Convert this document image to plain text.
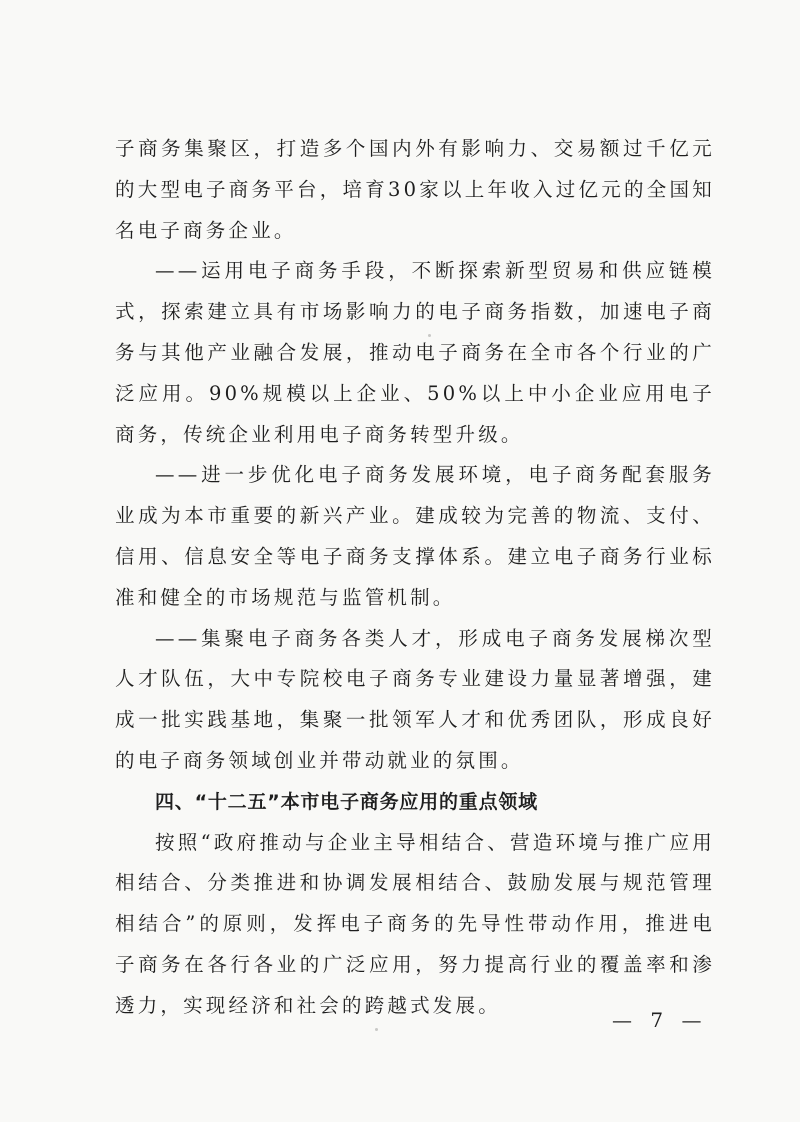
子商务集聚区，打造多个国内外有影响力、交易额过千亿元的大型电子商务平台，培育30家以上年收入过亿元的全国知名电子商务企业。

——运用电子商务手段，不断探索新型贸易和供应链模式，探索建立具有市场影响力的电子商务指数，加速电子商务与其他产业融合发展，推动电子商务在全市各个行业的广泛应用。90%规模以上企业、50%以上中小企业应用电子商务，传统企业利用电子商务转型升级。

——进一步优化电子商务发展环境，电子商务配套服务业成为本市重要的新兴产业。建成较为完善的物流、支付、信用、信息安全等电子商务支撑体系。建立电子商务行业标准和健全的市场规范与监管机制。

——集聚电子商务各类人才，形成电子商务发展梯次型人才队伍，大中专院校电子商务专业建设力量显著增强，建成一批实践基地，集聚一批领军人才和优秀团队，形成良好的电子商务领域创业并带动就业的氛围。

四、“十二五”本市电子商务应用的重点领域

按照“政府推动与企业主导相结合、营造环境与推广应用相结合、分类推进和协调发展相结合、鼓励发展与规范管理相结合”的原则，发挥电子商务的先导性带动作用，推进电子商务在各行各业的广泛应用，努力提高行业的覆盖率和渗透力，实现经济和社会的跨越式发展。

— 7 —
